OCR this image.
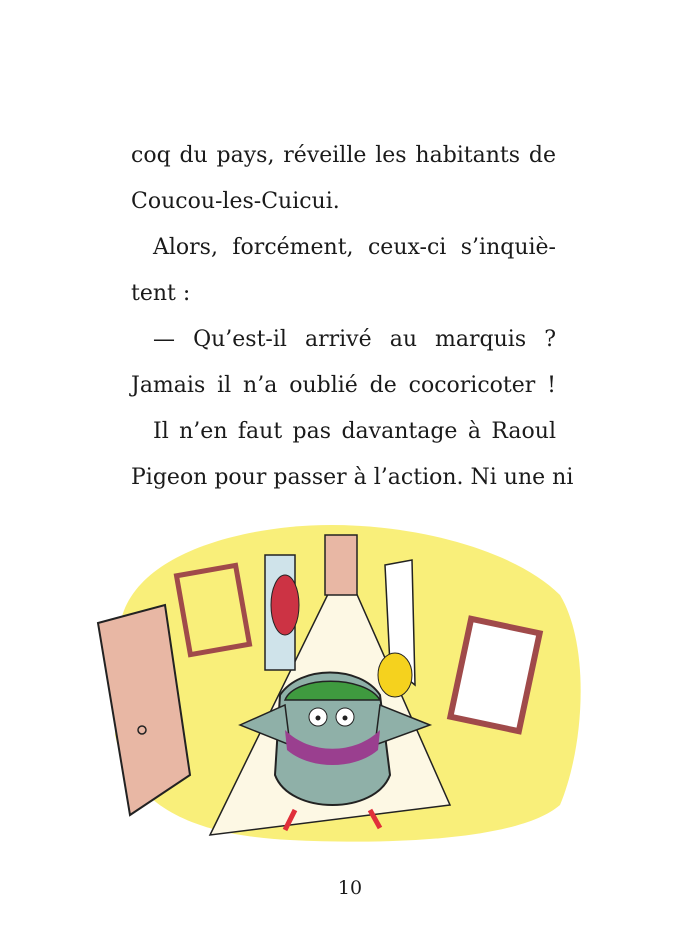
coq du pays, réveille les habitants de
Coucou-les-Cuicui.
Alors, forcément, ceux-ci s’inquiè-
tent :
— Qu’est-il arrivé au marquis ?
Jamais il n’a oublié de cocoricoter !
Il n’en faut pas davantage à Raoul
Pigeon pour passer à l’action. Ni une ni
10
